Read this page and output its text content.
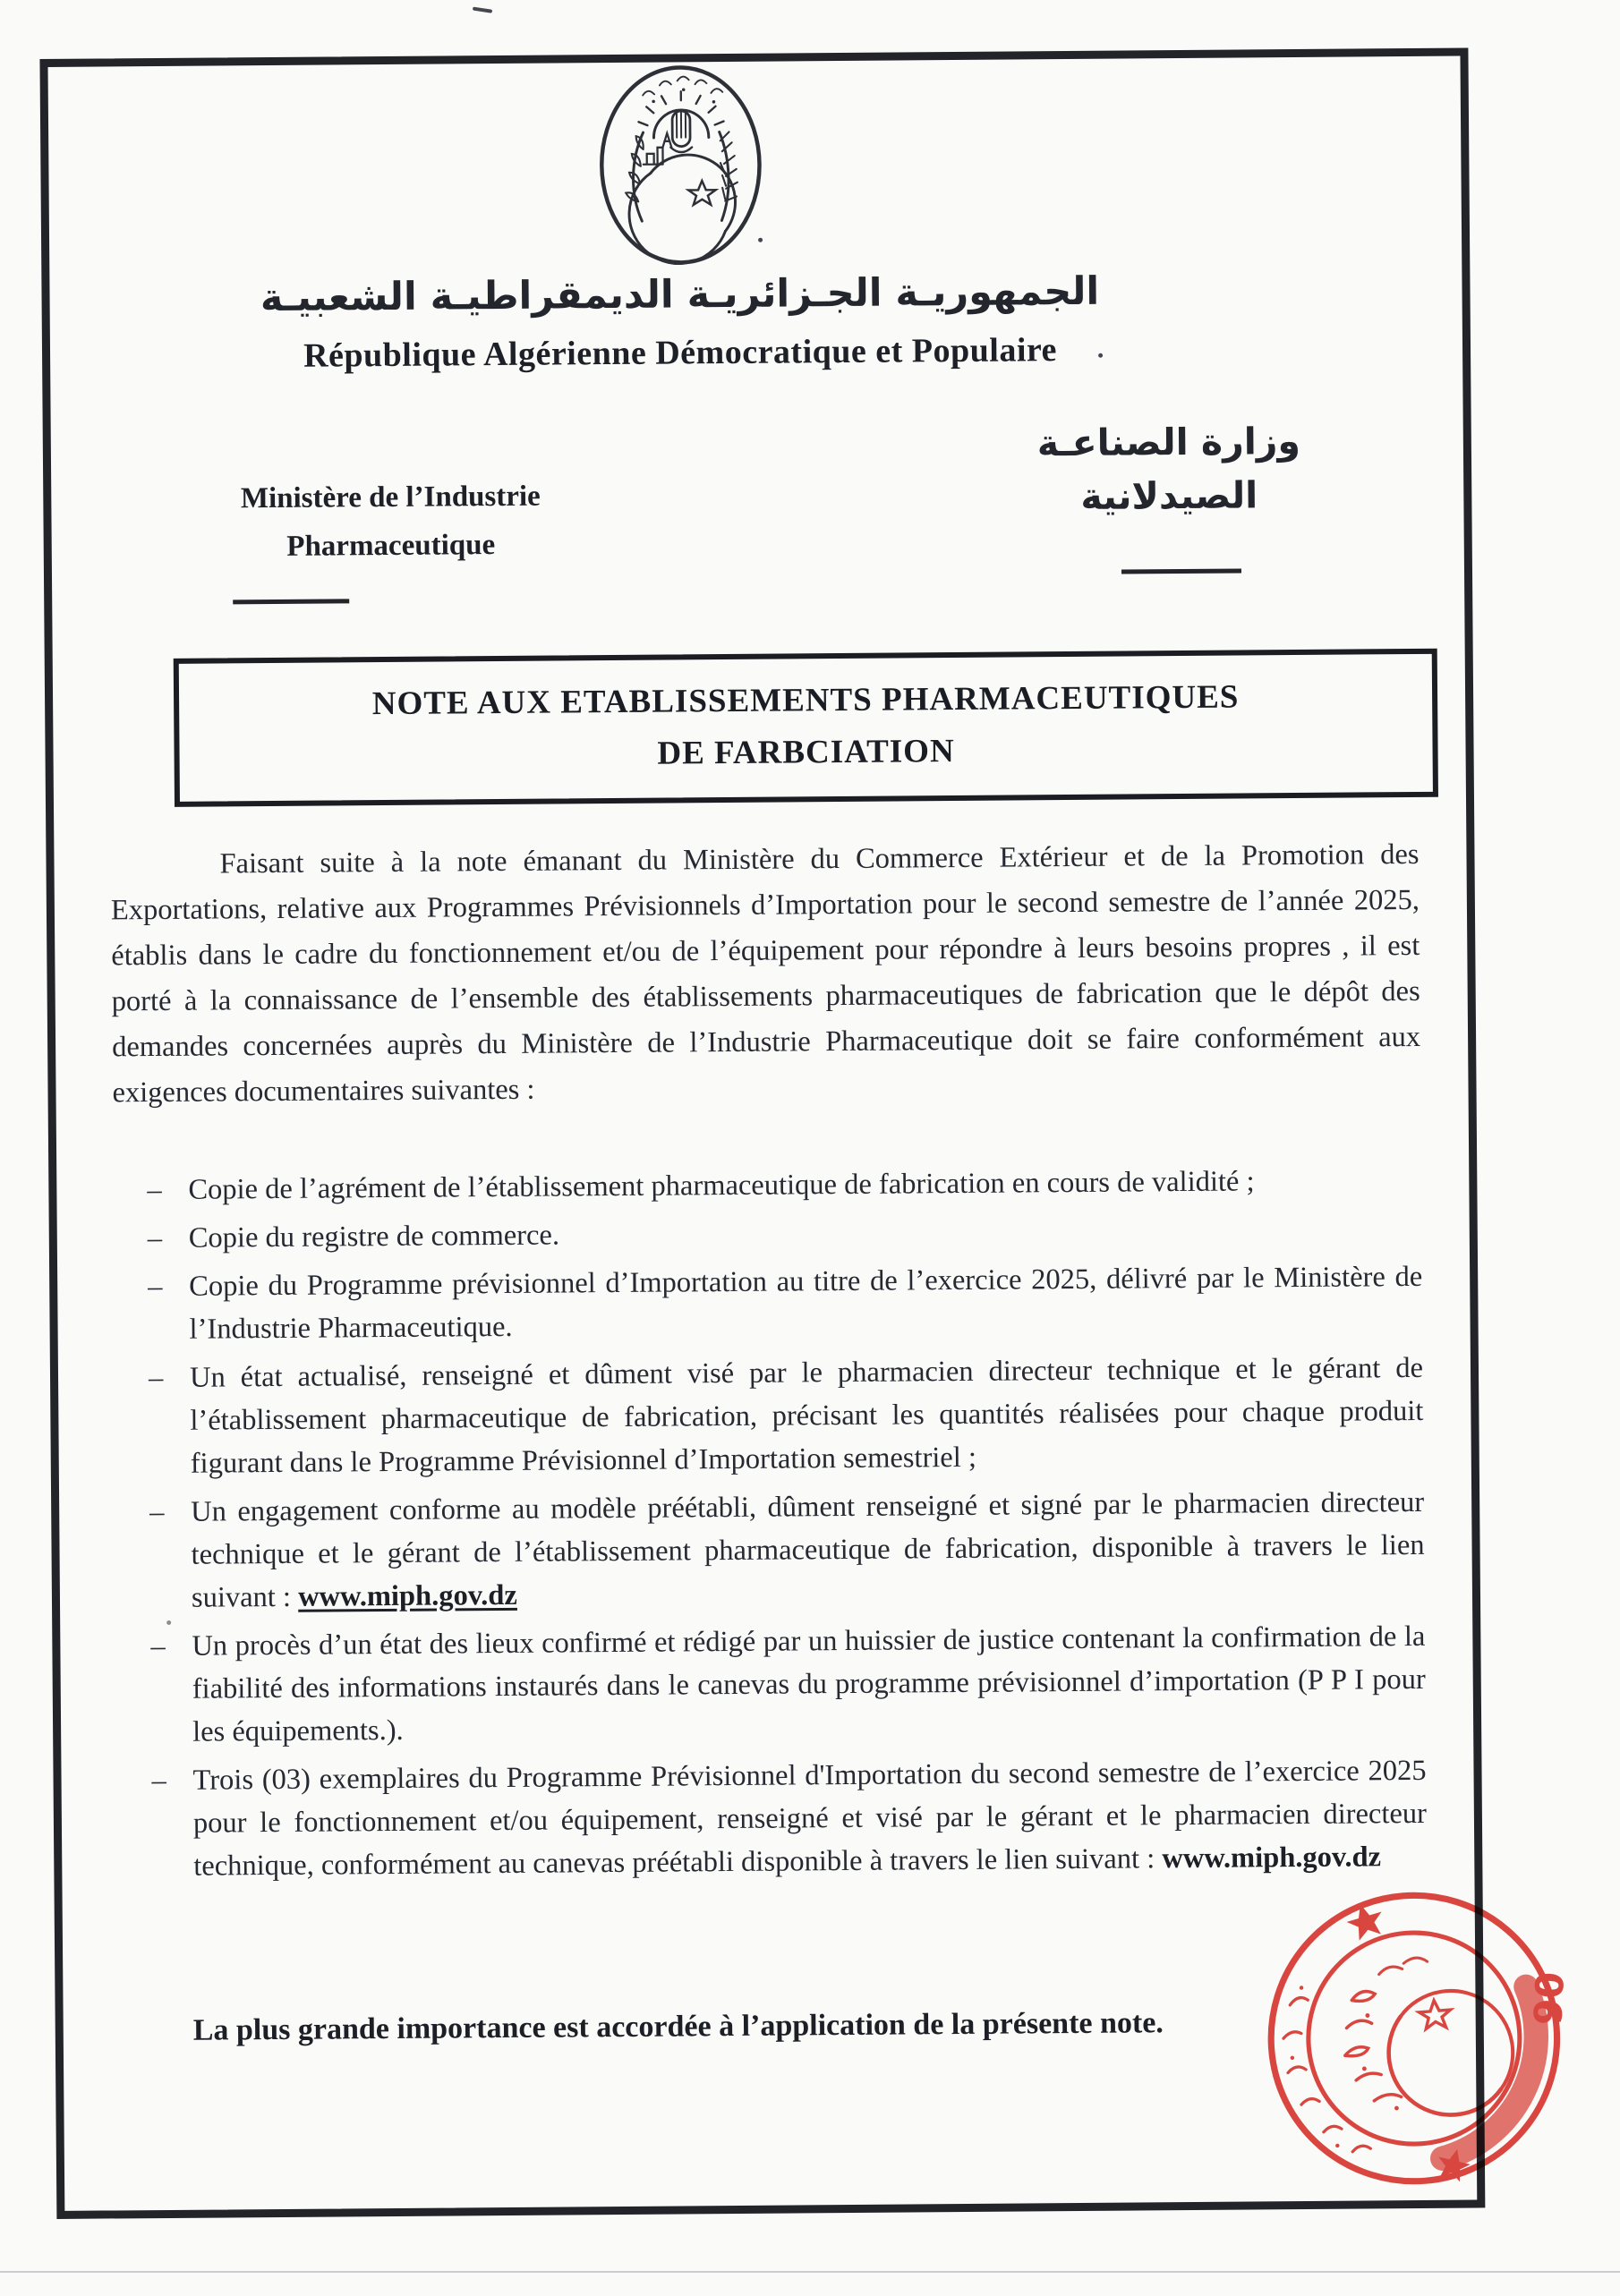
الجمهوريـة الجـزائريـة الديمقراطيـة الشعبيـة
République Algérienne Démocratique et Populaire
Ministère de l’Industrie
Pharmaceutique
وزارة الصناعـة
الصيدلانية
NOTE AUX ETABLISSEMENTS PHARMACEUTIQUES
DE FARBCIATION
Faisant suite à la note émanant du Ministère du Commerce Extérieur et de la Promotion des Exportations, relative aux Programmes Prévisionnels d’Importation pour le second semestre de l’année 2025, établis dans le cadre du fonctionnement et/ou de l’équipement pour répondre à leurs besoins propres , il est porté à la connaissance de l’ensemble des établissements pharmaceutiques de fabrication que le dépôt des demandes concernées auprès du Ministère de l’Industrie Pharmaceutique doit se faire conformément aux exigences documentaires suivantes :
– Copie de l’agrément de l’établissement pharmaceutique de fabrication en cours de validité ;
– Copie du registre de commerce.
– Copie du Programme prévisionnel d’Importation au titre de l’exercice 2025, délivré par le Ministère de l’Industrie Pharmaceutique.
– Un état actualisé, renseigné et dûment visé par le pharmacien directeur technique et le gérant de l’établissement pharmaceutique de fabrication, précisant les quantités réalisées pour chaque produit figurant dans le Programme Prévisionnel d’Importation semestriel ;
– Un engagement conforme au modèle préétabli, dûment renseigné et signé par le pharmacien directeur technique et le gérant de l’établissement pharmaceutique de fabrication, disponible à travers le lien suivant : www.miph.gov.dz
– Un procès d’un état des lieux confirmé et rédigé par un huissier de justice contenant la confirmation de la fiabilité des informations instaurés dans le canevas du programme prévisionnel d’importation (P P I pour les équipements.).
– Trois (03) exemplaires du Programme Prévisionnel d'Importation du second semestre de l’exercice 2025 pour le fonctionnement et/ou équipement, renseigné et visé par le gérant et le pharmacien directeur technique, conformément au canevas préétabli disponible à travers le lien suivant : www.miph.gov.dz
La plus grande importance est accordée à l’application de la présente note.
06
